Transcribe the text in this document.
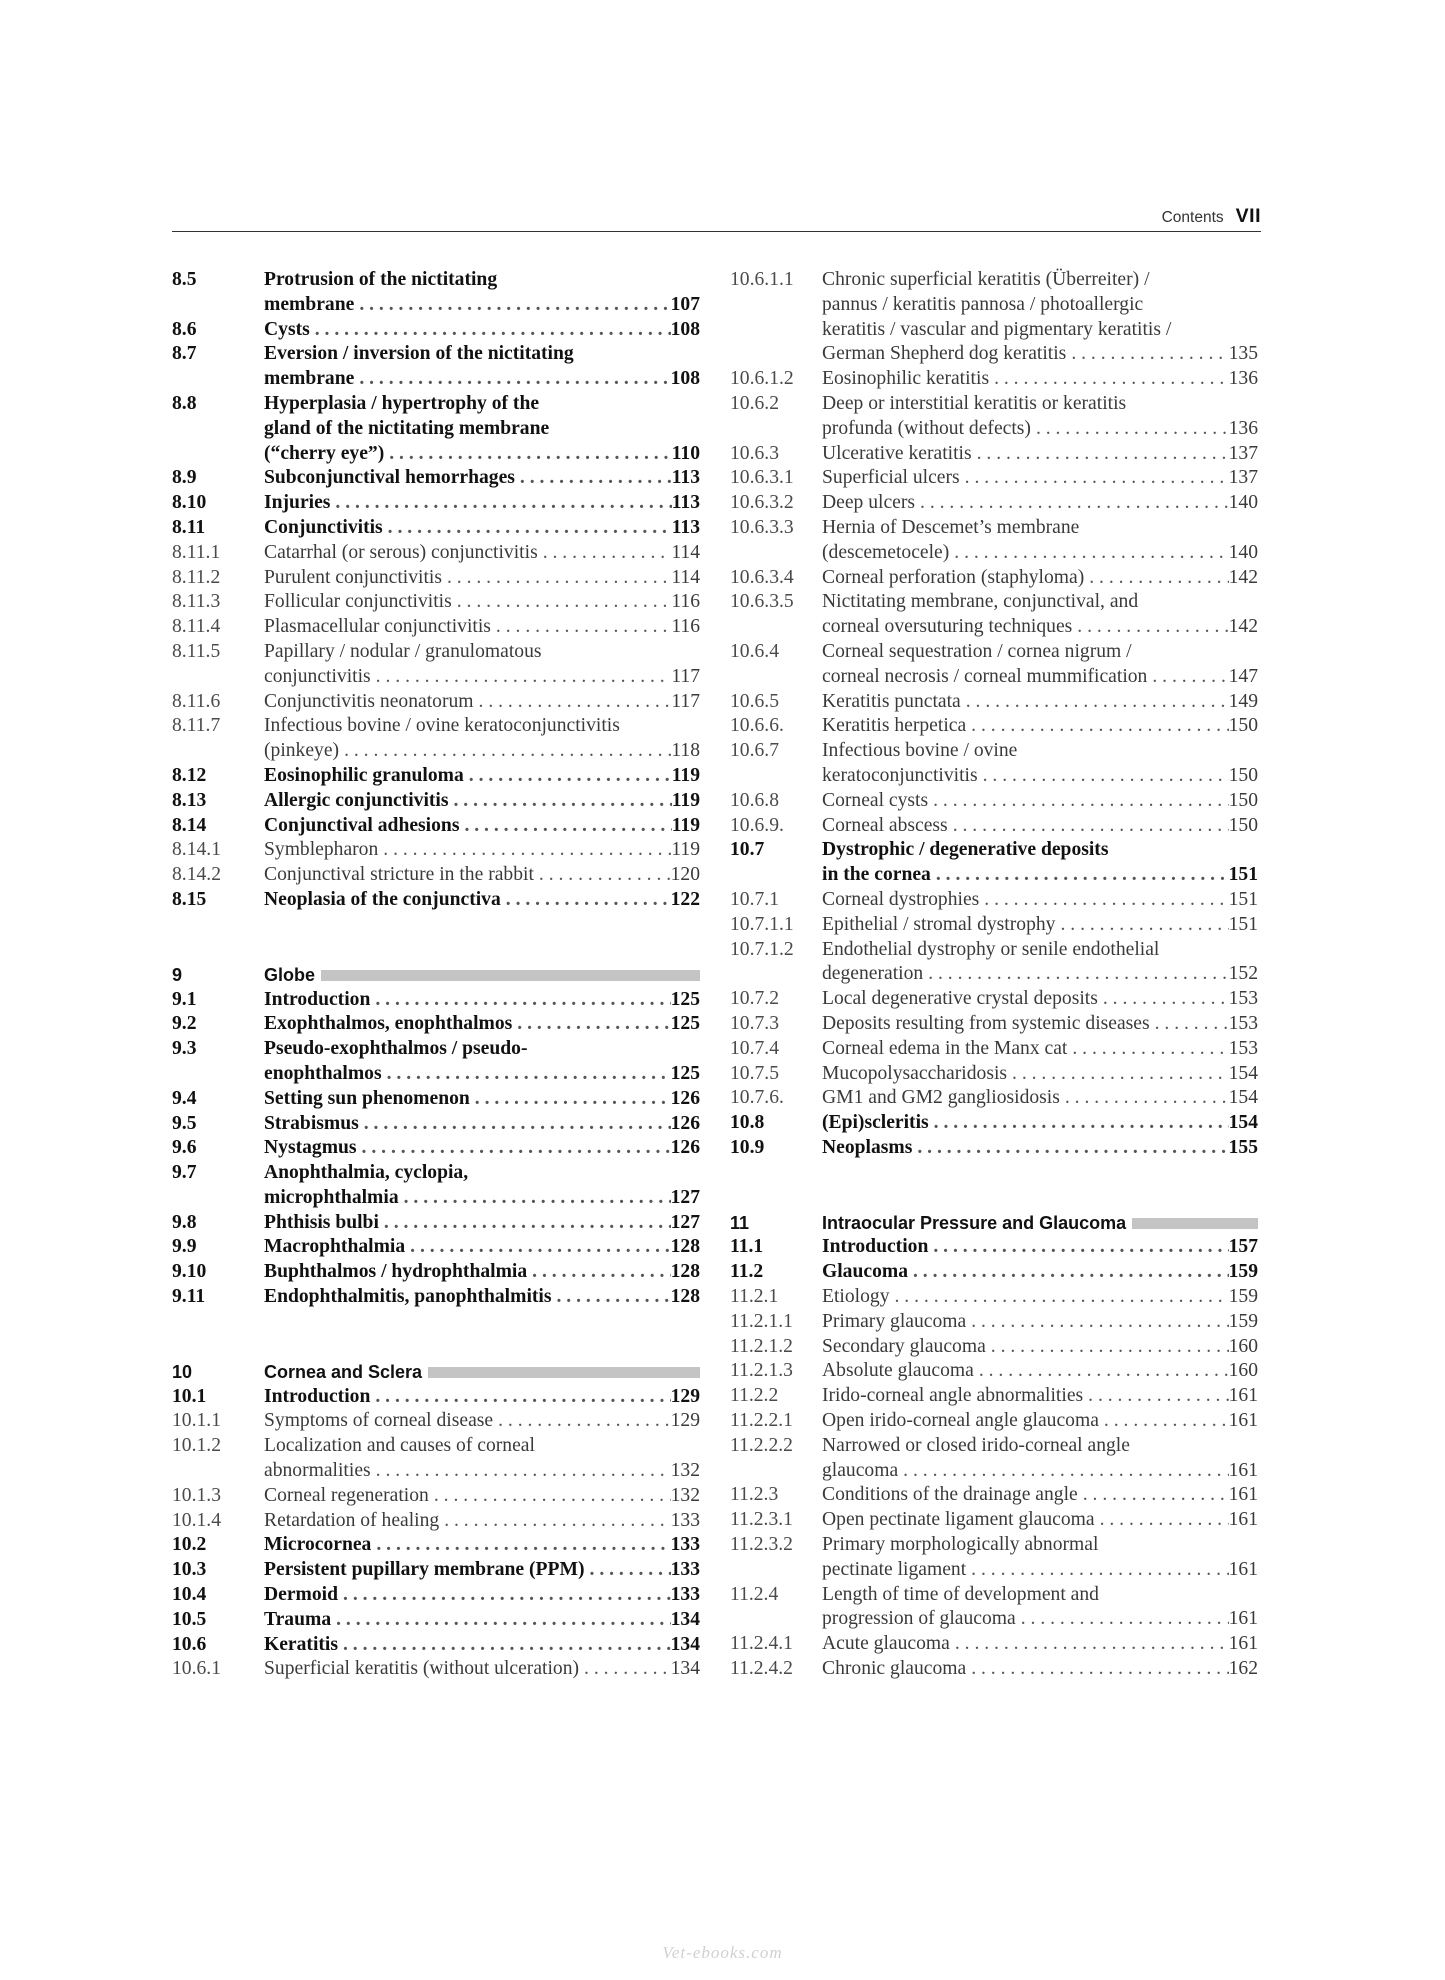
Contents VII
8.5	Protrusion of the nictitating
membrane . . .	107
8.6	Cysts . . .	108
8.7	Eversion / inversion of the nictitating
membrane . . .	108
8.8	Hyperplasia / hypertrophy of the
gland of the nictitating membrane
(“cherry eye”) . . .	110
8.9	Subconjunctival hemorrhages . . .	113
8.10	Injuries . . .	113
8.11	Conjunctivitis . . .	113
8.11.1	Catarrhal (or serous) conjunctivitis . . .	114
8.11.2	Purulent conjunctivitis . . .	114
8.11.3	Follicular conjunctivitis . . .	116
8.11.4	Plasmacellular conjunctivitis . . .	116
8.11.5	Papillary / nodular / granulomatous
conjunctivitis . . .	117
8.11.6	Conjunctivitis neonatorum . . .	117
8.11.7	Infectious bovine / ovine keratoconjunctivitis
(pinkeye) . . .	118
8.12	Eosinophilic granuloma . . .	119
8.13	Allergic conjunctivitis . . .	119
8.14	Conjunctival adhesions . . .	119
8.14.1	Symblepharon . . .	119
8.14.2	Conjunctival stricture in the rabbit . . .	120
8.15	Neoplasia of the conjunctiva . . .	122
9	Globe
9.1	Introduction . . .	125
9.2	Exophthalmos, enophthalmos . . .	125
9.3	Pseudo-exophthalmos / pseudo-
enophthalmos . . .	125
9.4	Setting sun phenomenon . . .	126
9.5	Strabismus . . .	126
9.6	Nystagmus . . .	126
9.7	Anophthalmia, cyclopia,
microphthalmia . . .	127
9.8	Phthisis bulbi . . .	127
9.9	Macrophthalmia . . .	128
9.10	Buphthalmos / hydrophthalmia . . .	128
9.11	Endophthalmitis, panophthalmitis . . .	128
10	Cornea and Sclera
10.1	Introduction . . .	129
10.1.1	Symptoms of corneal disease . . .	129
10.1.2	Localization and causes of corneal
abnormalities . . .	132
10.1.3	Corneal regeneration . . .	132
10.1.4	Retardation of healing . . .	133
10.2	Microcornea . . .	133
10.3	Persistent pupillary membrane (PPM) . . .	133
10.4	Dermoid . . .	133
10.5	Trauma . . .	134
10.6	Keratitis . . .	134
10.6.1	Superficial keratitis (without ulceration) . . .	134
10.6.1.1	Chronic superficial keratitis (Überreiter) /
pannus / keratitis pannosa / photoallergic
keratitis / vascular and pigmentary keratitis /
German Shepherd dog keratitis . . .	135
10.6.1.2	Eosinophilic keratitis . . .	136
10.6.2	Deep or interstitial keratitis or keratitis
profunda (without defects) . . .	136
10.6.3	Ulcerative keratitis . . .	137
10.6.3.1	Superficial ulcers . . .	137
10.6.3.2	Deep ulcers . . .	140
10.6.3.3	Hernia of Descemet’s membrane
(descemetocele) . . .	140
10.6.3.4	Corneal perforation (staphyloma) . . .	142
10.6.3.5	Nictitating membrane, conjunctival, and
corneal oversuturing techniques . . .	142
10.6.4	Corneal sequestration / cornea nigrum /
corneal necrosis / corneal mummification . . .	147
10.6.5	Keratitis punctata . . .	149
10.6.6.	Keratitis herpetica . . .	150
10.6.7	Infectious bovine / ovine
keratoconjunctivitis . . .	150
10.6.8	Corneal cysts . . .	150
10.6.9.	Corneal abscess . . .	150
10.7	Dystrophic / degenerative deposits
in the cornea . . .	151
10.7.1	Corneal dystrophies . . .	151
10.7.1.1	Epithelial / stromal dystrophy . . .	151
10.7.1.2	Endothelial dystrophy or senile endothelial
degeneration . . .	152
10.7.2	Local degenerative crystal deposits . . .	153
10.7.3	Deposits resulting from systemic diseases . . .	153
10.7.4	Corneal edema in the Manx cat . . .	153
10.7.5	Mucopolysaccharidosis . . .	154
10.7.6.	GM1 and GM2 gangliosidosis . . .	154
10.8	(Epi)scleritis . . .	154
10.9	Neoplasms . . .	155
11	Intraocular Pressure and Glaucoma
11.1	Introduction . . .	157
11.2	Glaucoma . . .	159
11.2.1	Etiology . . .	159
11.2.1.1	Primary glaucoma . . .	159
11.2.1.2	Secondary glaucoma . . .	160
11.2.1.3	Absolute glaucoma . . .	160
11.2.2	Irido-corneal angle abnormalities . . .	161
11.2.2.1	Open irido-corneal angle glaucoma . . .	161
11.2.2.2	Narrowed or closed irido-corneal angle
glaucoma . . .	161
11.2.3	Conditions of the drainage angle . . .	161
11.2.3.1	Open pectinate ligament glaucoma . . .	161
11.2.3.2	Primary morphologically abnormal
pectinate ligament . . .	161
11.2.4	Length of time of development and
progression of glaucoma . . .	161
11.2.4.1	Acute glaucoma . . .	161
11.2.4.2	Chronic glaucoma . . .	162
Vet-ebooks.com
